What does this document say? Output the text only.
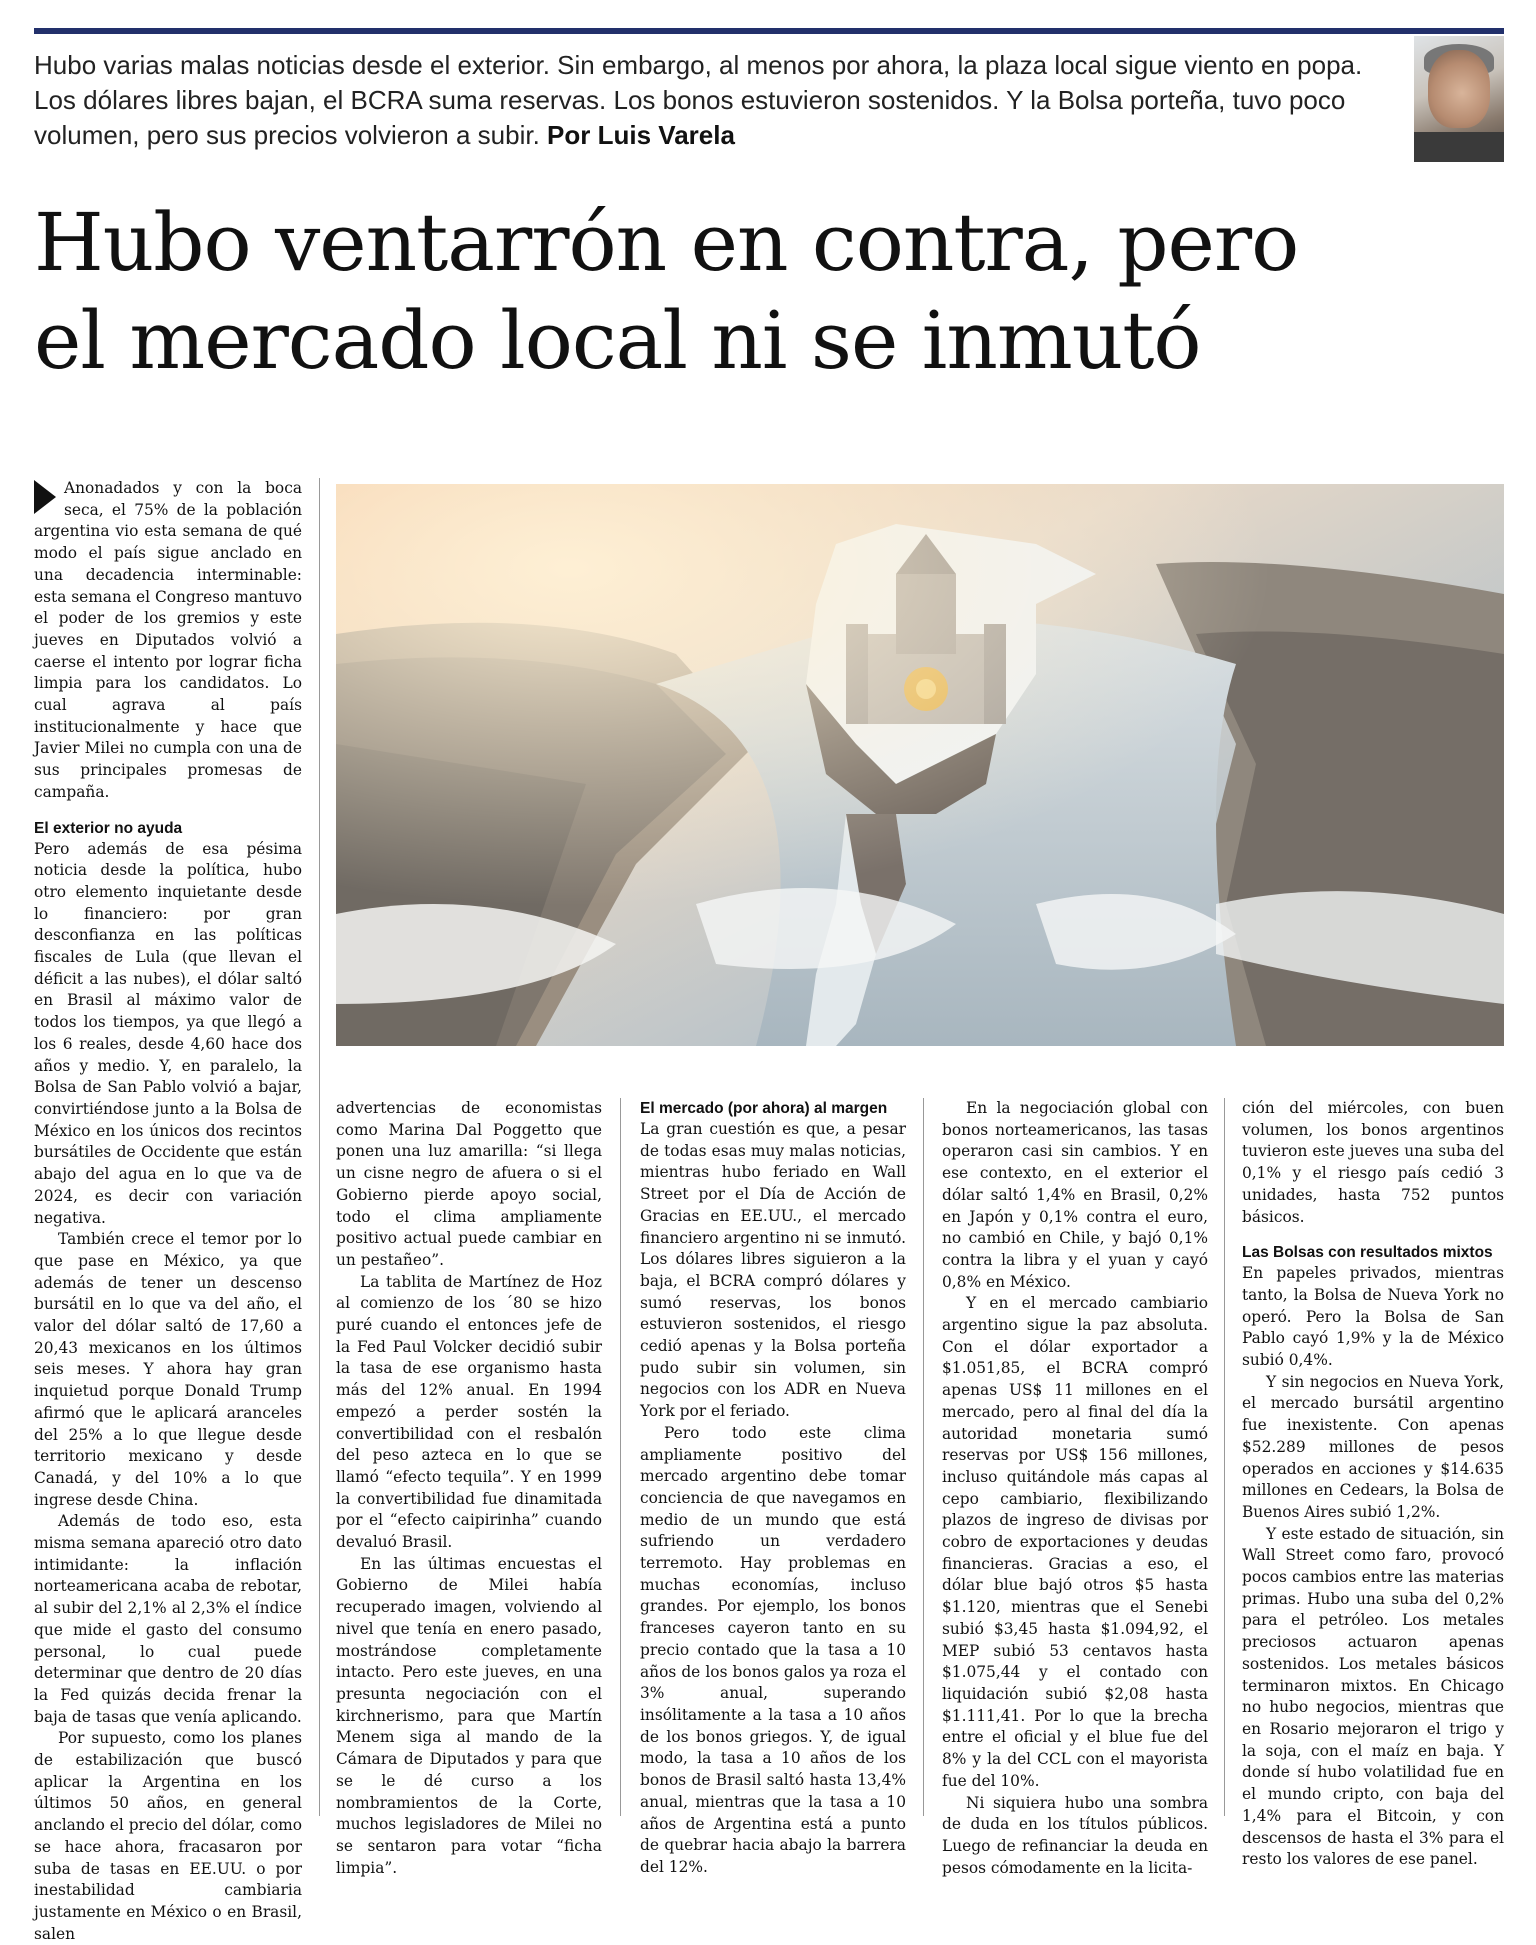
Hubo varias malas noticias desde el exterior. Sin embargo, al menos por ahora, la plaza local sigue viento en popa. Los dólares libres bajan, el BCRA suma reservas. Los bonos estuvieron sostenidos. Y la Bolsa porteña, tuvo poco volumen, pero sus precios volvieron a subir. Por Luis Varela

Hubo ventarrón en contra, pero
el mercado local ni se inmutó

Anonadados y con la boca seca, el 75% de la población argentina vio esta semana de qué modo el país sigue anclado en una decadencia interminable: esta semana el Congreso mantuvo el poder de los gremios y este jueves en Diputados volvió a caerse el intento por lograr ficha limpia para los candidatos. Lo cual agrava al país institucionalmente y hace que Javier Milei no cumpla con una de sus principales promesas de campaña.

El exterior no ayuda

Pero además de esa pésima noticia desde la política, hubo otro elemento inquietante desde lo financiero: por gran desconfianza en las políticas fiscales de Lula (que llevan el déficit a las nubes), el dólar saltó en Brasil al máximo valor de todos los tiempos, ya que llegó a los 6 reales, desde 4,60 hace dos años y medio. Y, en paralelo, la Bolsa de San Pablo volvió a bajar, convirtiéndose junto a la Bolsa de México en los únicos dos recintos bursátiles de Occidente que están abajo del agua en lo que va de 2024, es decir con variación negativa.

También crece el temor por lo que pase en México, ya que además de tener un descenso bursátil en lo que va del año, el valor del dólar saltó de 17,60 a 20,43 mexicanos en los últimos seis meses. Y ahora hay gran inquietud porque Donald Trump afirmó que le aplicará aranceles del 25% a lo que llegue desde territorio mexicano y desde Canadá, y del 10% a lo que ingrese desde China.

Además de todo eso, esta misma semana apareció otro dato intimidante: la inflación norteamericana acaba de rebotar, al subir del 2,1% al 2,3% el índice que mide el gasto del consumo personal, lo cual puede determinar que dentro de 20 días la Fed quizás decida frenar la baja de tasas que venía aplicando.

Por supuesto, como los planes de estabilización que buscó aplicar la Argentina en los últimos 50 años, en general anclando el precio del dólar, como se hace ahora, fracasaron por suba de tasas en EE.UU. o por inestabilidad cambiaria justamente en México o en Brasil, salen

advertencias de economistas como Marina Dal Poggetto que ponen una luz amarilla: “si llega un cisne negro de afuera o si el Gobierno pierde apoyo social, todo el clima ampliamente positivo actual puede cambiar en un pestañeo”.

La tablita de Martínez de Hoz al comienzo de los ´80 se hizo puré cuando el entonces jefe de la Fed Paul Volcker decidió subir la tasa de ese organismo hasta más del 12% anual. En 1994 empezó a perder sostén la convertibilidad con el resbalón del peso azteca en lo que se llamó “efecto tequila”. Y en 1999 la convertibilidad fue dinamitada por el “efecto caipirinha” cuando devaluó Brasil.

En las últimas encuestas el Gobierno de Milei había recuperado imagen, volviendo al nivel que tenía en enero pasado, mostrándose completamente intacto. Pero este jueves, en una presunta negociación con el kirchnerismo, para que Martín Menem siga al mando de la Cámara de Diputados y para que se le dé curso a los nombramientos de la Corte, muchos legisladores de Milei no se sentaron para votar “ficha limpia”.

El mercado (por ahora) al margen

La gran cuestión es que, a pesar de todas esas muy malas noticias, mientras hubo feriado en Wall Street por el Día de Acción de Gracias en EE.UU., el mercado financiero argentino ni se inmutó. Los dólares libres siguieron a la baja, el BCRA compró dólares y sumó reservas, los bonos estuvieron sostenidos, el riesgo cedió apenas y la Bolsa porteña pudo subir sin volumen, sin negocios con los ADR en Nueva York por el feriado.

Pero todo este clima ampliamente positivo del mercado argentino debe tomar conciencia de que navegamos en medio de un mundo que está sufriendo un verdadero terremoto. Hay problemas en muchas economías, incluso grandes. Por ejemplo, los bonos franceses cayeron tanto en su precio contado que la tasa a 10 años de los bonos galos ya roza el 3% anual, superando insólitamente a la tasa a 10 años de los bonos griegos. Y, de igual modo, la tasa a 10 años de los bonos de Brasil saltó hasta 13,4% anual, mientras que la tasa a 10 años de Argentina está a punto de quebrar hacia abajo la barrera del 12%.

En la negociación global con bonos norteamericanos, las tasas operaron casi sin cambios. Y en ese contexto, en el exterior el dólar saltó 1,4% en Brasil, 0,2% en Japón y 0,1% contra el euro, no cambió en Chile, y bajó 0,1% contra la libra y el yuan y cayó 0,8% en México.

Y en el mercado cambiario argentino sigue la paz absoluta. Con el dólar exportador a $1.051,85, el BCRA compró apenas US$ 11 millones en el mercado, pero al final del día la autoridad monetaria sumó reservas por US$ 156 millones, incluso quitándole más capas al cepo cambiario, flexibilizando plazos de ingreso de divisas por cobro de exportaciones y deudas financieras. Gracias a eso, el dólar blue bajó otros $5 hasta $1.120, mientras que el Senebi subió $3,45 hasta $1.094,92, el MEP subió 53 centavos hasta $1.075,44 y el contado con liquidación subió $2,08 hasta $1.111,41. Por lo que la brecha entre el oficial y el blue fue del 8% y la del CCL con el mayorista fue del 10%.

Ni siquiera hubo una sombra de duda en los títulos públicos. Luego de refinanciar la deuda en pesos cómodamente en la licita-

ción del miércoles, con buen volumen, los bonos argentinos tuvieron este jueves una suba del 0,1% y el riesgo país cedió 3 unidades, hasta 752 puntos básicos.

Las Bolsas con resultados mixtos

En papeles privados, mientras tanto, la Bolsa de Nueva York no operó. Pero la Bolsa de San Pablo cayó 1,9% y la de México subió 0,4%.

Y sin negocios en Nueva York, el mercado bursátil argentino fue inexistente. Con apenas $52.289 millones de pesos operados en acciones y $14.635 millones en Cedears, la Bolsa de Buenos Aires subió 1,2%.

Y este estado de situación, sin Wall Street como faro, provocó pocos cambios entre las materias primas. Hubo una suba del 0,2% para el petróleo. Los metales preciosos actuaron apenas sostenidos. Los metales básicos terminaron mixtos. En Chicago no hubo negocios, mientras que en Rosario mejoraron el trigo y la soja, con el maíz en baja. Y donde sí hubo volatilidad fue en el mundo cripto, con baja del 1,4% para el Bitcoin, y con descensos de hasta el 3% para el resto los valores de ese panel.
